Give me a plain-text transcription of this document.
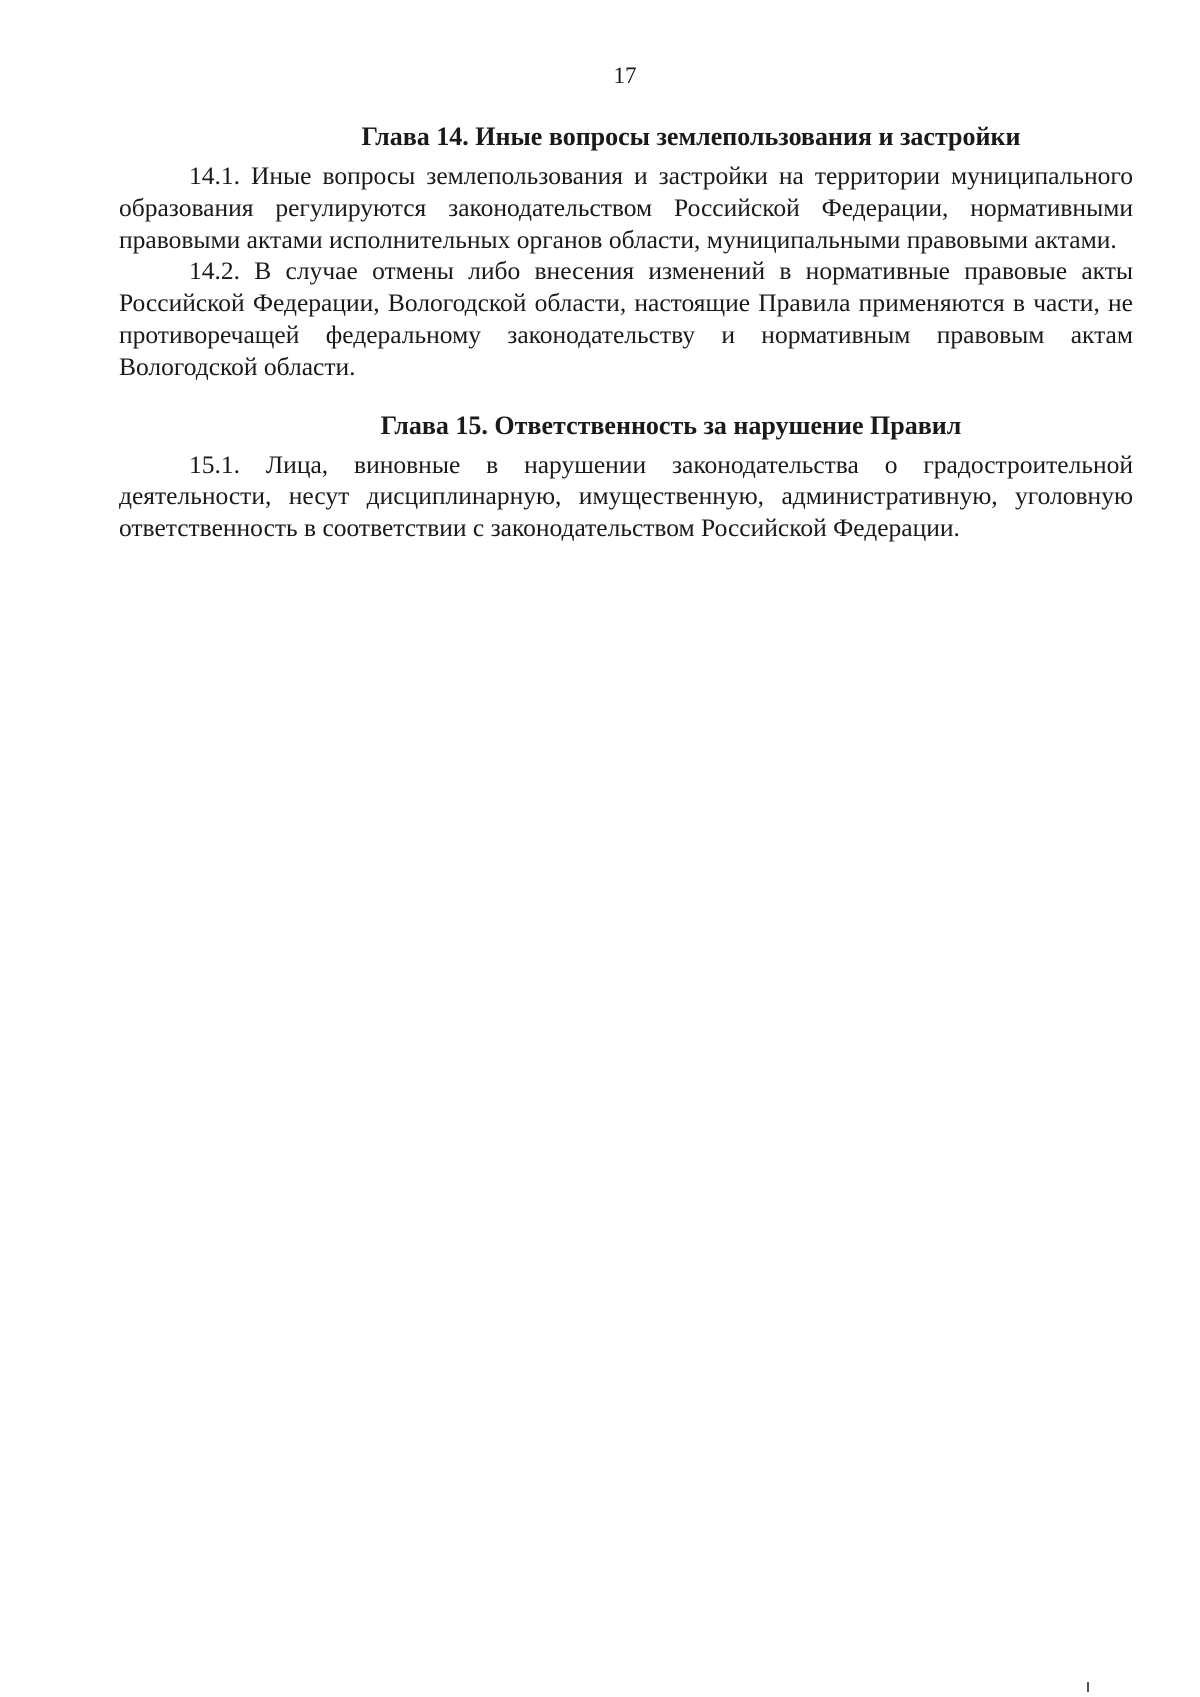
17
Глава 14. Иные вопросы землепользования и застройки

14.1. Иные вопросы землепользования и застройки на территории муниципального образования регулируются законодательством Российской Федерации, нормативными правовыми актами исполнительных органов области, муниципальными правовыми актами.

14.2. В случае отмены либо внесения изменений в нормативные правовые акты Российской Федерации, Вологодской области, настоящие Правила применяются в части, не противоречащей федеральному законодательству и нормативным правовым актам Вологодской области.

Глава 15. Ответственность за нарушение Правил

15.1. Лица, виновные в нарушении законодательства о градостроительной деятельности, несут дисциплинарную, имущественную, административную, уголовную ответственность в соответствии с законодательством Российской Федерации.
